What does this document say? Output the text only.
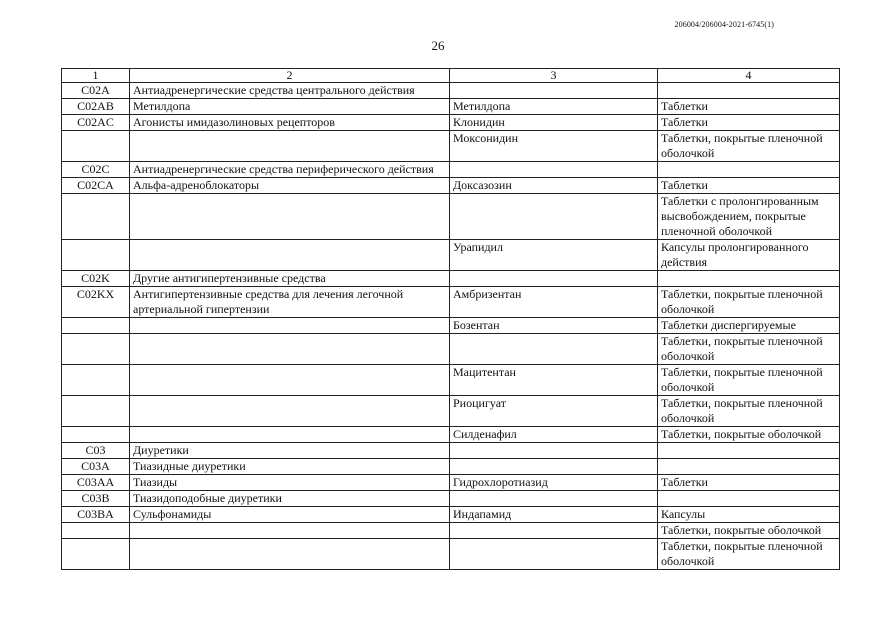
206004/206004-2021-6745(1)
26
1	2	3	4
C02A	Антиадренергические средства центрального действия		
C02AB	Метилдопа	Метилдопа	Таблетки
C02AC	Агонисты имидазолиновых рецепторов	Клонидин	Таблетки
		Моксонидин	Таблетки, покрытые пленочной оболочкой
C02C	Антиадренергические средства периферического действия		
C02CA	Альфа-адреноблокаторы	Доксазозин	Таблетки
			Таблетки с пролонгированным высвобождением, покрытые пленочной оболочкой
		Урапидил	Капсулы пролонгированного действия
C02K	Другие антигипертензивные средства		
C02KX	Антигипертензивные средства для лечения легочной артериальной гипертензии	Амбризентан	Таблетки, покрытые пленочной оболочкой
		Бозентан	Таблетки диспергируемые
			Таблетки, покрытые пленочной оболочкой
		Мацитентан	Таблетки, покрытые пленочной оболочкой
		Риоцигуат	Таблетки, покрытые пленочной оболочкой
		Силденафил	Таблетки, покрытые оболочкой
C03	Диуретики		
C03A	Тиазидные диуретики		
C03AA	Тиазиды	Гидрохлоротиазид	Таблетки
C03B	Тиазидоподобные диуретики		
C03BA	Сульфонамиды	Индапамид	Капсулы
			Таблетки, покрытые оболочкой
			Таблетки, покрытые пленочной оболочкой
